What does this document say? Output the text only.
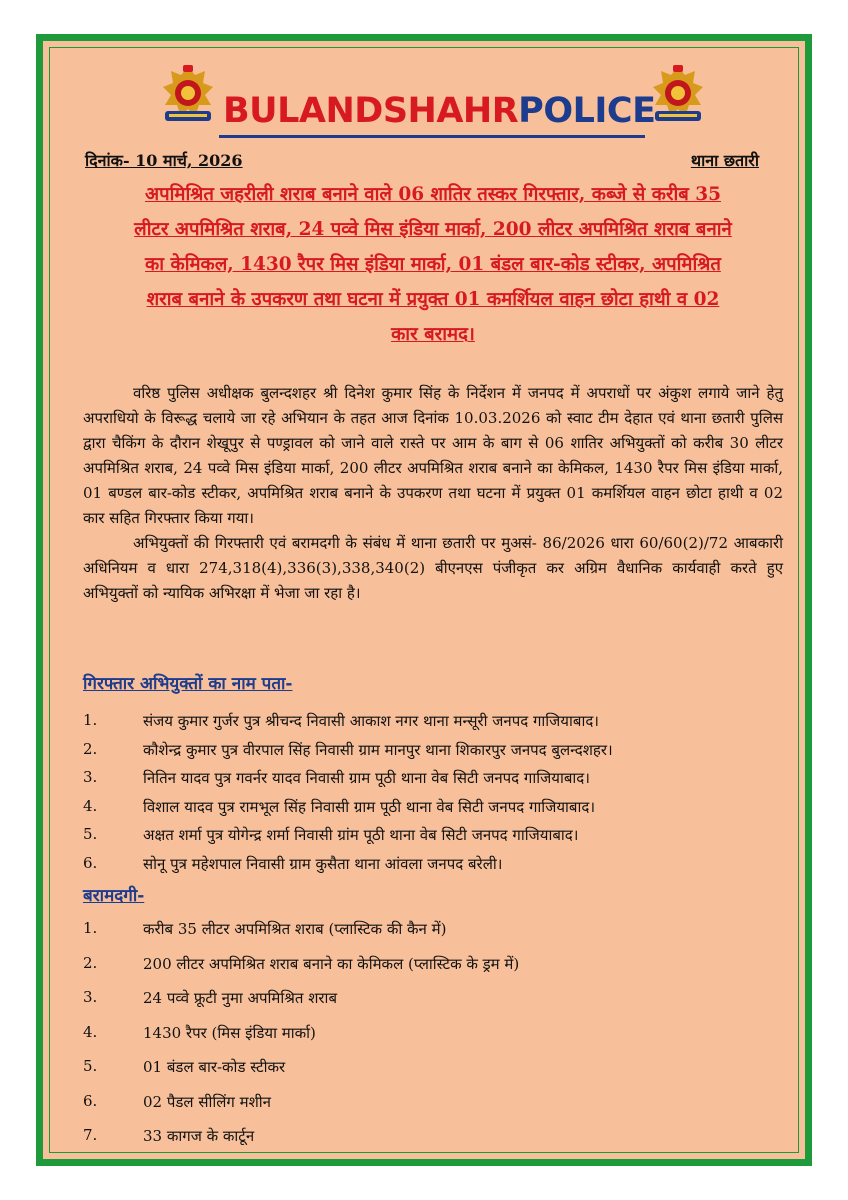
BULANDSHAHRPOLICE
दिनांक- 10 मार्च, 2026	थाना छतारी
अपमिश्रित जहरीली शराब बनाने वाले 06 शातिर तस्कर गिरफ्तार, कब्जे से करीब 35
लीटर अपमिश्रित शराब, 24 पव्वे मिस इंडिया मार्का, 200 लीटर अपमिश्रित शराब बनाने
का केमिकल, 1430 रैपर मिस इंडिया मार्का, 01 बंडल बार-कोड स्टीकर, अपमिश्रित
शराब बनाने के उपकरण तथा घटना में प्रयुक्त 01 कमर्शियल वाहन छोटा हाथी व 02
कार बरामद।

वरिष्ठ पुलिस अधीक्षक बुलन्दशहर श्री दिनेश कुमार सिंह के निर्देशन में जनपद में अपराधों पर अंकुश लगाये जाने हेतु अपराधियो के विरूद्ध चलाये जा रहे अभियान के तहत आज दिनांक 10.03.2026 को स्वाट टीम देहात एवं थाना छतारी पुलिस द्वारा चैकिंग के दौरान शेखूपुर से पण्ड्रावल को जाने वाले रास्ते पर आम के बाग से 06 शातिर अभियुक्तों को करीब 30 लीटर अपमिश्रित शराब, 24 पव्वे मिस इंडिया मार्का, 200 लीटर अपमिश्रित शराब बनाने का केमिकल, 1430 रैपर मिस इंडिया मार्का, 01 बण्डल बार-कोड स्टीकर, अपमिश्रित शराब बनाने के उपकरण तथा घटना में प्रयुक्त 01 कमर्शियल वाहन छोटा हाथी व 02 कार सहित गिरफ्तार किया गया।

अभियुक्तों की गिरफ्तारी एवं बरामदगी के संबंध में थाना छतारी पर मुअसं- 86/2026 धारा 60/60(2)/72 आबकारी अधिनियम व धारा 274,318(4),336(3),338,340(2) बीएनएस पंजीकृत कर अग्रिम वैधानिक कार्यवाही करते हुए अभियुक्तों को न्यायिक अभिरक्षा में भेजा जा रहा है।

गिरफ्तार अभियुक्तों का नाम पता-
1.	संजय कुमार गुर्जर पुत्र श्रीचन्द निवासी आकाश नगर थाना मन्सूरी जनपद गाजियाबाद।
2.	कौशेन्द्र कुमार पुत्र वीरपाल सिंह निवासी ग्राम मानपुर थाना शिकारपुर जनपद बुलन्दशहर।
3.	नितिन यादव पुत्र गवर्नर यादव निवासी ग्राम पूठी थाना वेब सिटी जनपद गाजियाबाद।
4.	विशाल यादव पुत्र रामभूल सिंह निवासी ग्राम पूठी थाना वेब सिटी जनपद गाजियाबाद।
5.	अक्षत शर्मा पुत्र योगेन्द्र शर्मा निवासी ग्रांम पूठी थाना वेब सिटी जनपद गाजियाबाद।
6.	सोनू पुत्र महेशपाल निवासी ग्राम कुसैता थाना आंवला जनपद बरेली।
बरामदगी-
1.	करीब 35 लीटर अपमिश्रित शराब (प्लास्टिक की कैन में)
2.	200 लीटर अपमिश्रित शराब बनाने का केमिकल (प्लास्टिक के ड्रम में)
3.	24 पव्वे फ्रूटी नुमा अपमिश्रित शराब
4.	1430 रैपर (मिस इंडिया मार्का)
5.	01 बंडल बार-कोड स्टीकर
6.	02 पैडल सीलिंग मशीन
7.	33 कागज के कार्टून
